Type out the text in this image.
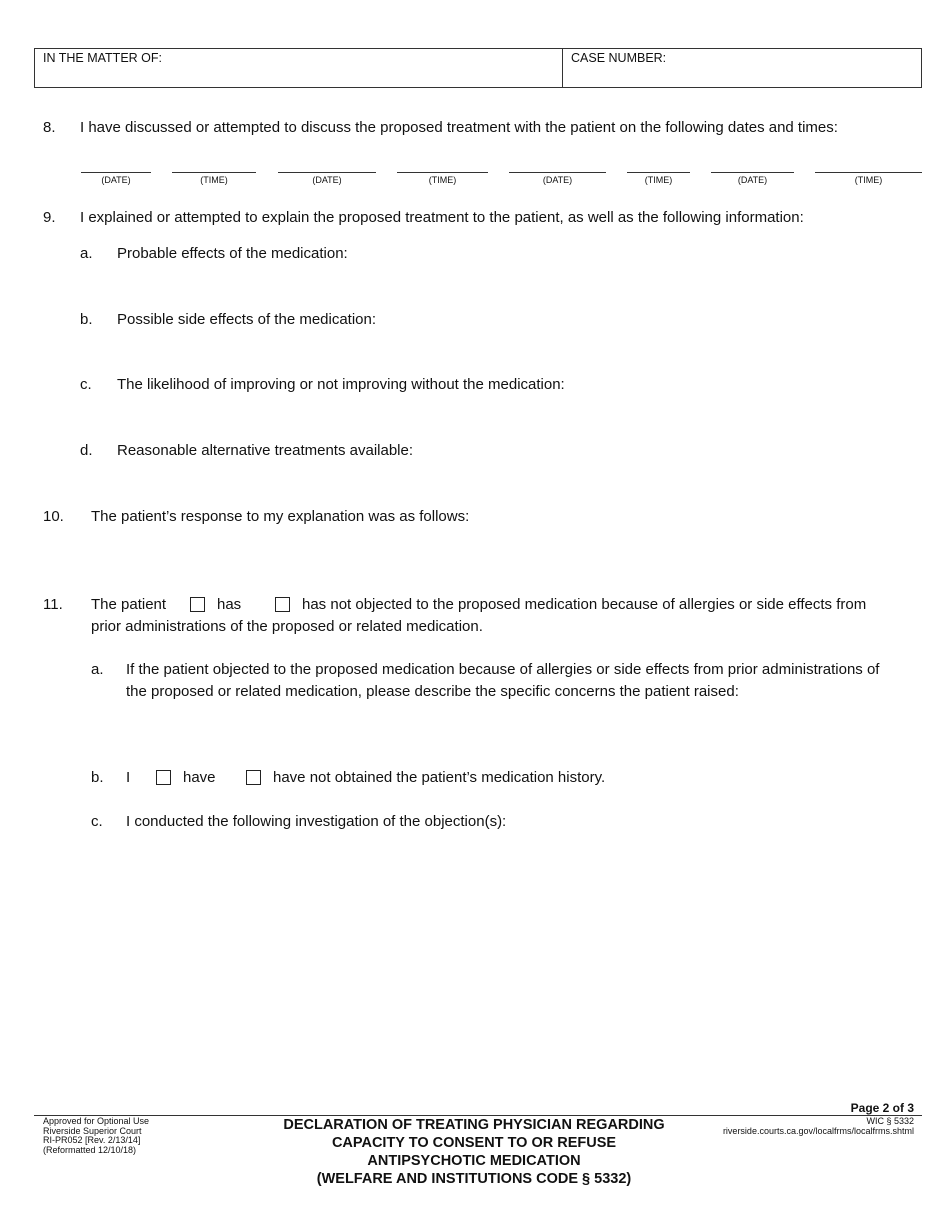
IN THE MATTER OF:	CASE NUMBER:
8. I have discussed or attempted to discuss the proposed treatment with the patient on the following dates and times:
(DATE)	(TIME)	(DATE)	(TIME)	(DATE)	(TIME)	(DATE)	(TIME)
9. I explained or attempted to explain the proposed treatment to the patient, as well as the following information:
a. Probable effects of the medication:
b. Possible side effects of the medication:
c. The likelihood of improving or not improving without the medication:
d. Reasonable alternative treatments available:
10. The patient’s response to my explanation was as follows:
11. The patient	has	has not objected to the proposed medication because of allergies or side effects from
prior administrations of the proposed or related medication.
a. If the patient objected to the proposed medication because of allergies or side effects from prior administrations of
the proposed or related medication, please describe the specific concerns the patient raised:
b. I	have	have not obtained the patient’s medication history.
c. I conducted the following investigation of the objection(s):
Page 2 of 3
Approved for Optional Use
Riverside Superior Court
RI-PR052 [Rev. 2/13/14]
(Reformatted 12/10/18)
DECLARATION OF TREATING PHYSICIAN REGARDING
CAPACITY TO CONSENT TO OR REFUSE
ANTIPSYCHOTIC MEDICATION
(WELFARE AND INSTITUTIONS CODE § 5332)
WIC § 5332
riverside.courts.ca.gov/localfrms/localfrms.shtml
